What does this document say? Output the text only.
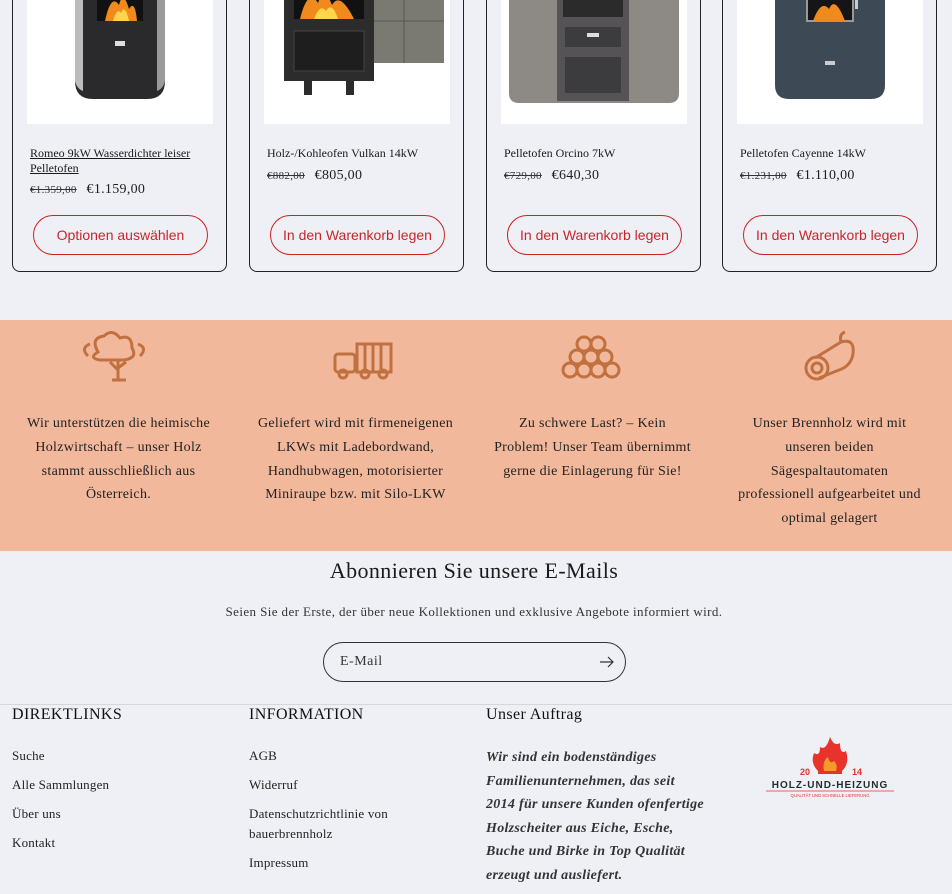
Romeo 9kW Wasserdichter leiser Pelletofen
€1.359,00 €1.159,00
Optionen auswählen
Holz-/Kohleofen Vulkan 14kW
€882,00 €805,00
In den Warenkorb legen
Pelletofen Orcino 7kW
€729,00 €640,30
In den Warenkorb legen
Pelletofen Cayenne 14kW
€1.231,00 €1.110,00
In den Warenkorb legen
Wir unterstützen die heimische Holzwirtschaft – unser Holz stammt ausschließlich aus Österreich.
Geliefert wird mit firmeneigenen LKWs mit Ladebordwand, Handhubwagen, motorisierter Miniraupe bzw. mit Silo-LKW
Zu schwere Last? – Kein Problem! Unser Team übernimmt gerne die Einlagerung für Sie!
Unser Brennholz wird mit unseren beiden Sägespaltautomaten professionell aufgearbeitet und optimal gelagert
Abonnieren Sie unsere E-Mails
Seien Sie der Erste, der über neue Kollektionen und exklusive Angebote informiert wird.
E-Mail
DIREKTLINKS
Suche
Alle Sammlungen
Über uns
Kontakt
INFORMATION
AGB
Widerruf
Datenschutzrichtlinie von bauerbrennholz
Impressum
Unser Auftrag
Wir sind ein bodenständiges Familienunternehmen, das seit 2014 für unsere Kunden ofenfertige Holzscheiter aus Eiche, Esche, Buche und Birke in Top Qualität erzeugt und ausliefert.
20	14
HOLZ-UND-HEIZUNG
QUALITÄT UND SCHNELLE LIEFERUNG
